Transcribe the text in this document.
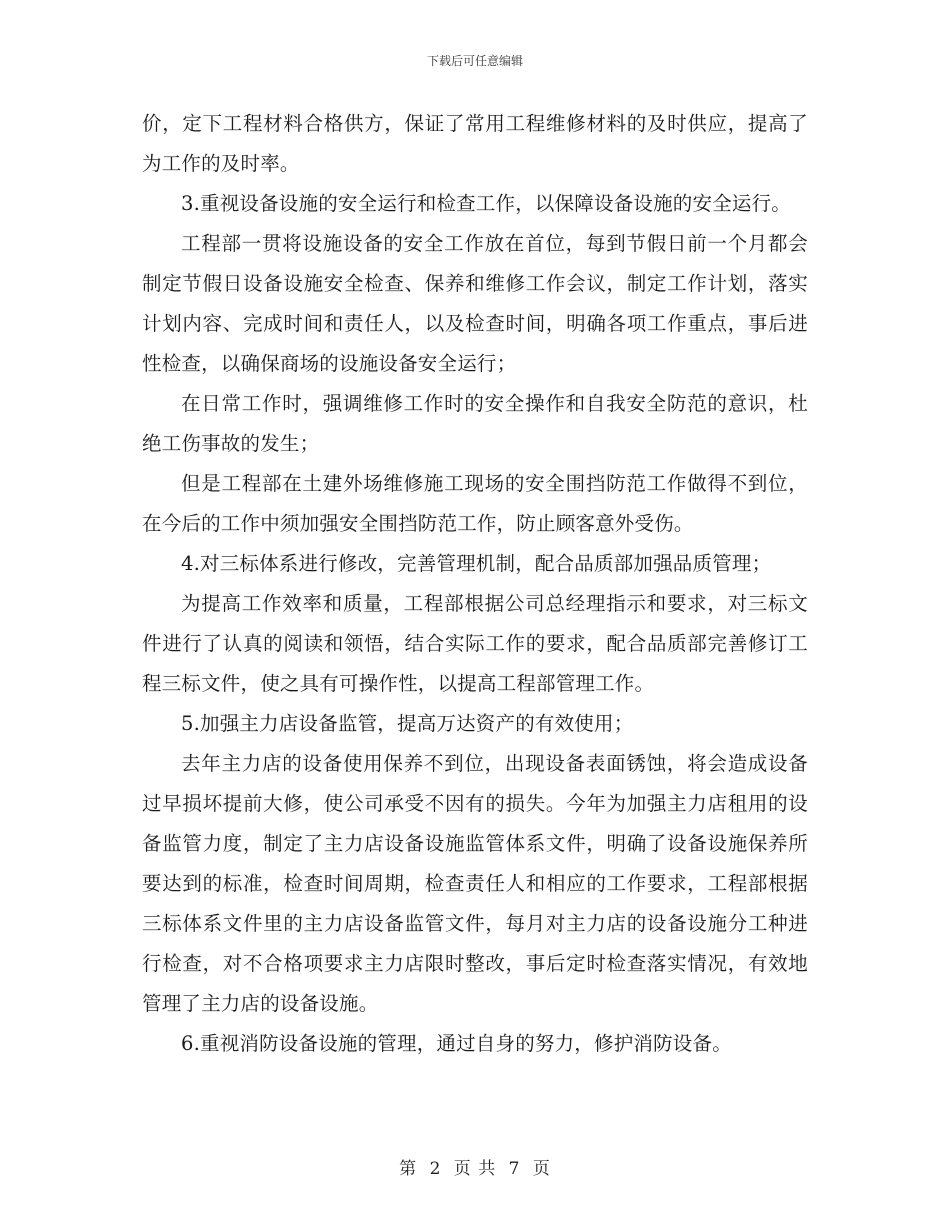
下载后可任意编辑

价，定下工程材料合格供方，保证了常用工程维修材料的及时供应，提高了为工作的及时率。

3.重视设备设施的安全运行和检查工作，以保障设备设施的安全运行。

工程部一贯将设施设备的安全工作放在首位，每到节假日前一个月都会制定节假日设备设施安全检查、保养和维修工作会议，制定工作计划，落实计划内容、完成时间和责任人，以及检查时间，明确各项工作重点，事后进性检查，以确保商场的设施设备安全运行；

在日常工作时，强调维修工作时的安全操作和自我安全防范的意识，杜绝工伤事故的发生；

但是工程部在土建外场维修施工现场的安全围挡防范工作做得不到位，在今后的工作中须加强安全围挡防范工作，防止顾客意外受伤。

4.对三标体系进行修改，完善管理机制，配合品质部加强品质管理；

为提高工作效率和质量，工程部根据公司总经理指示和要求，对三标文件进行了认真的阅读和领悟，结合实际工作的要求，配合品质部完善修订工程三标文件，使之具有可操作性，以提高工程部管理工作。

5.加强主力店设备监管，提高万达资产的有效使用；

去年主力店的设备使用保养不到位，出现设备表面锈蚀，将会造成设备过早损坏提前大修，使公司承受不因有的损失。今年为加强主力店租用的设备监管力度，制定了主力店设备设施监管体系文件，明确了设备设施保养所要达到的标准，检查时间周期，检查责任人和相应的工作要求，工程部根据三标体系文件里的主力店设备监管文件，每月对主力店的设备设施分工种进行检查，对不合格项要求主力店限时整改，事后定时检查落实情况，有效地管理了主力店的设备设施。

6.重视消防设备设施的管理，通过自身的努力，修护消防设备。

第 2 页 共 7 页
